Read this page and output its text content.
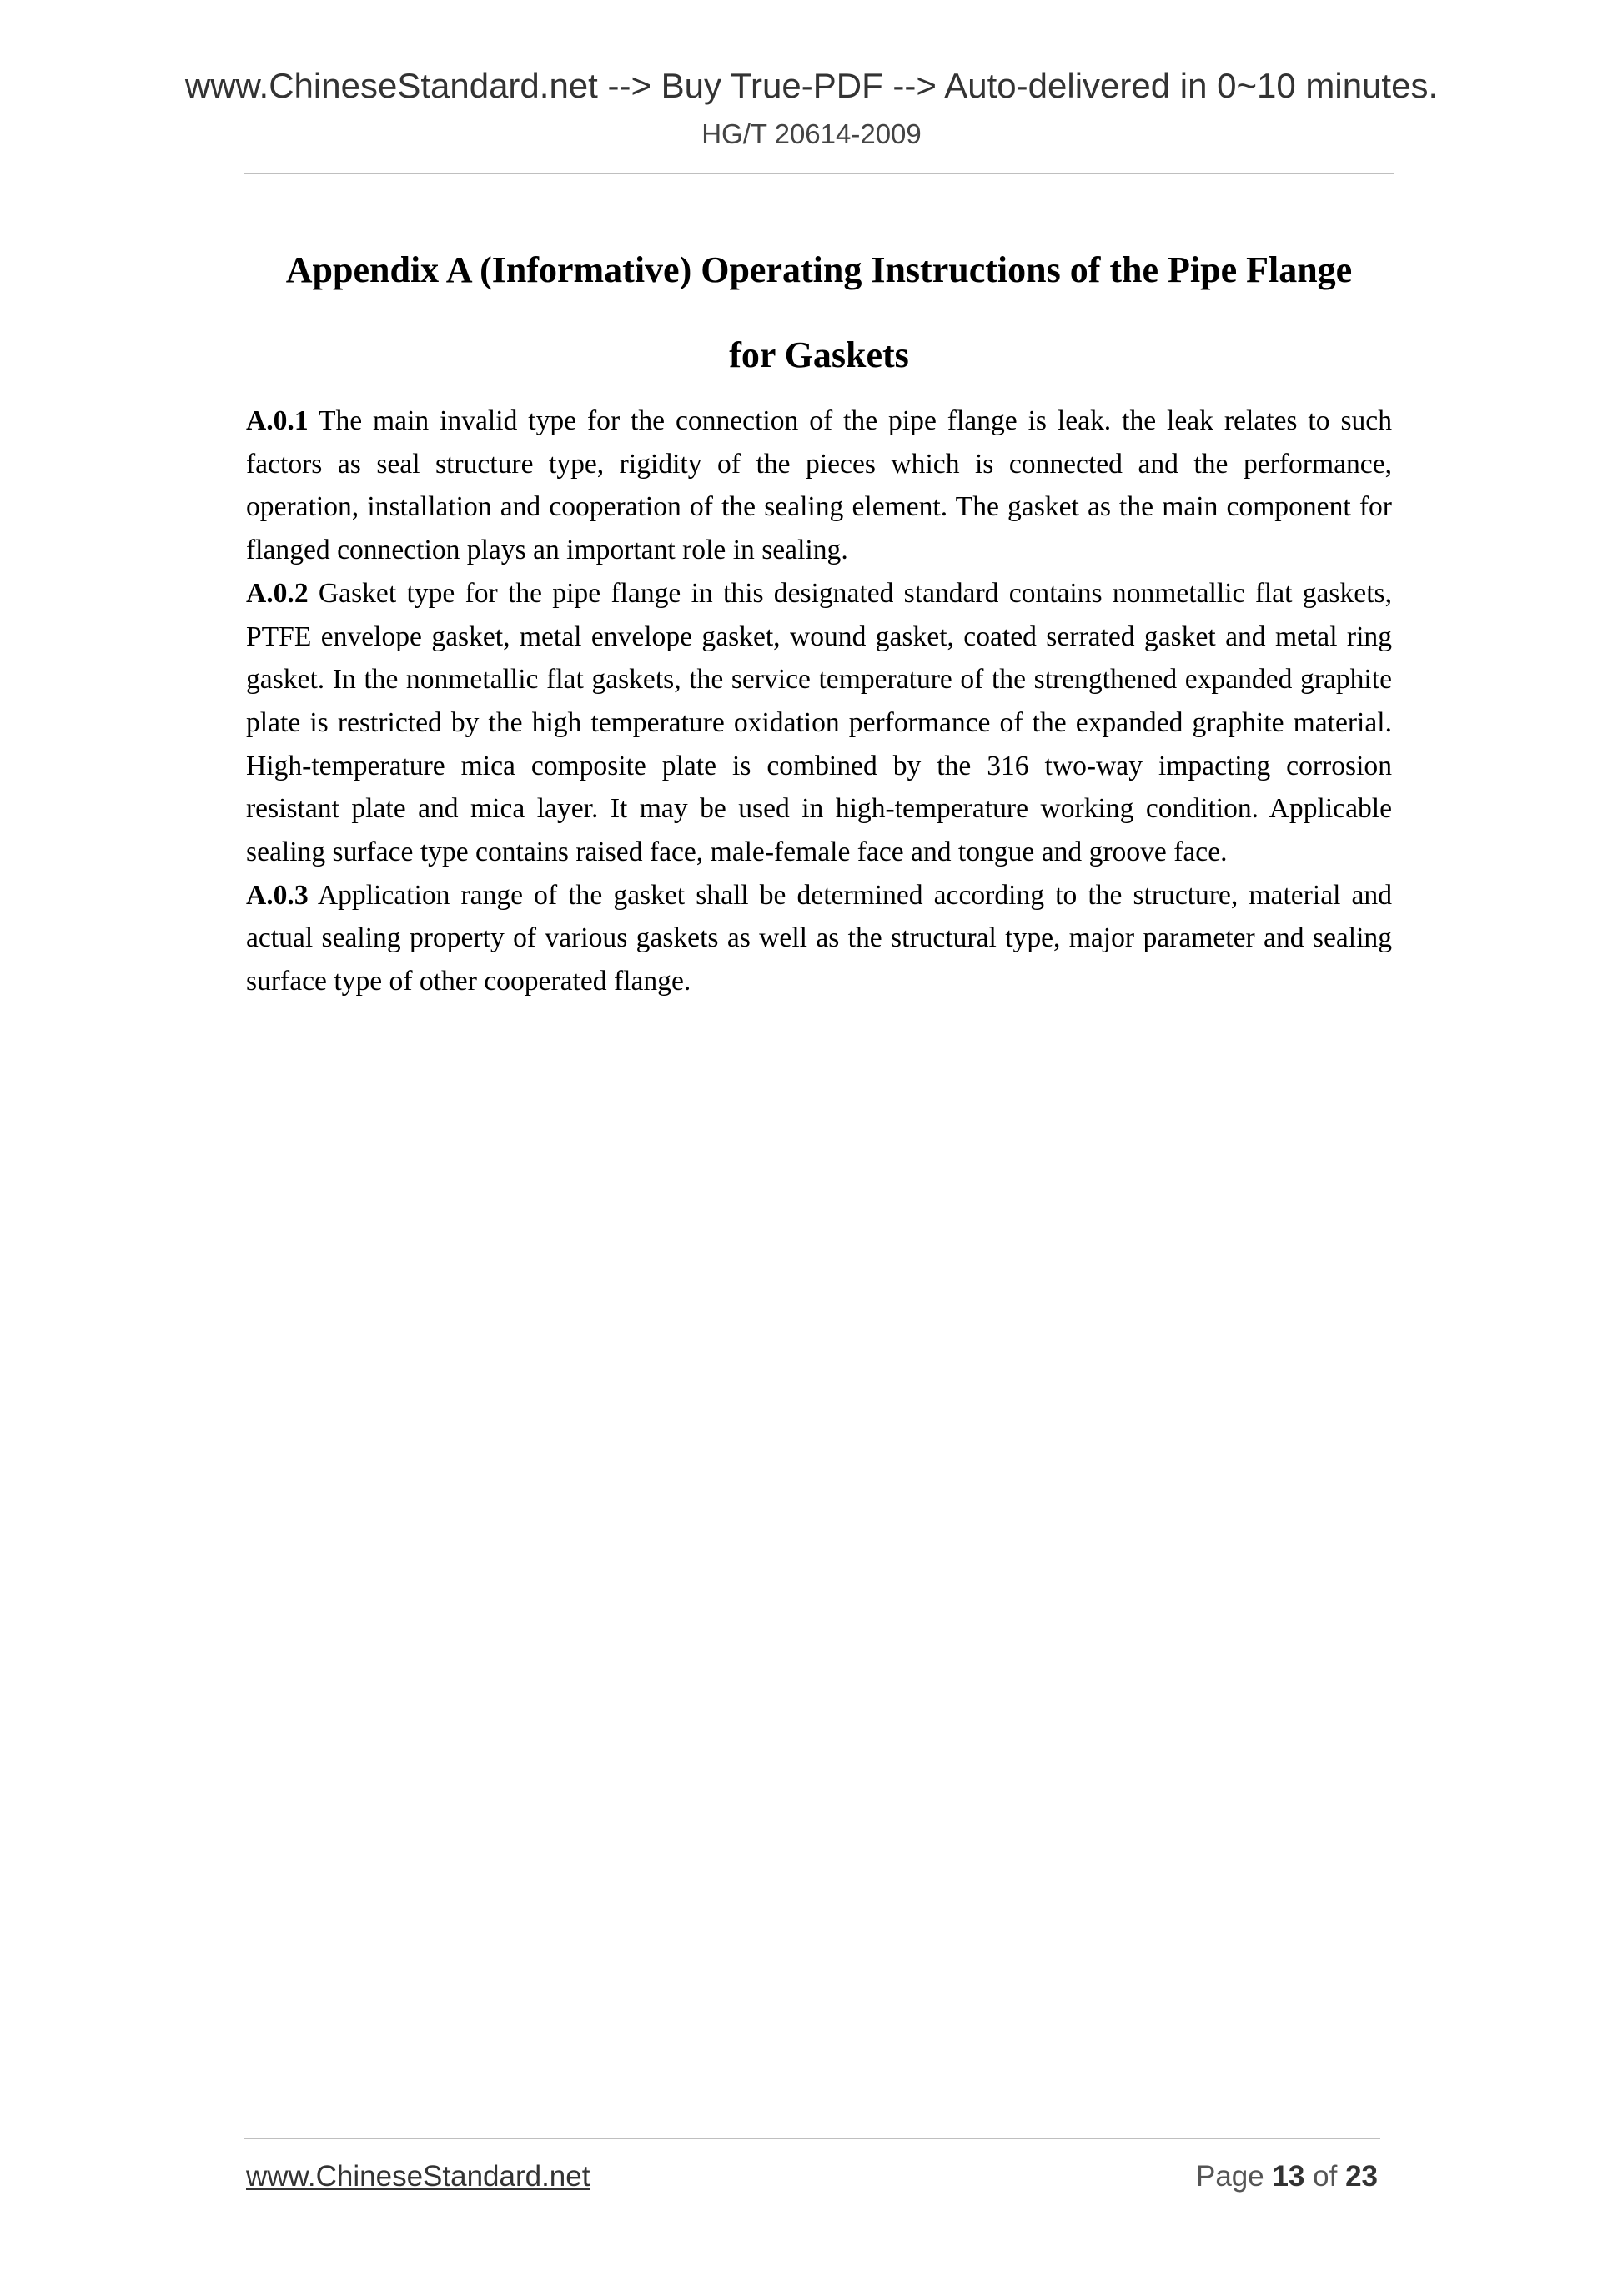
www.ChineseStandard.net --> Buy True-PDF --> Auto-delivered in 0~10 minutes.
HG/T 20614-2009
Appendix A (Informative) Operating Instructions of the Pipe Flange
for Gaskets

A.0.1 The main invalid type for the connection of the pipe flange is leak. the leak relates to such factors as seal structure type, rigidity of the pieces which is connected and the performance, operation, installation and cooperation of the sealing element. The gasket as the main component for flanged connection plays an important role in sealing.

A.0.2 Gasket type for the pipe flange in this designated standard contains nonmetallic flat gaskets, PTFE envelope gasket, metal envelope gasket, wound gasket, coated serrated gasket and metal ring gasket. In the nonmetallic flat gaskets, the service temperature of the strengthened expanded graphite plate is restricted by the high temperature oxidation performance of the expanded graphite material. High-temperature mica composite plate is combined by the 316 two-way impacting corrosion resistant plate and mica layer. It may be used in high-temperature working condition. Applicable sealing surface type contains raised face, male-female face and tongue and groove face.

A.0.3 Application range of the gasket shall be determined according to the structure, material and actual sealing property of various gaskets as well as the structural type, major parameter and sealing surface type of other cooperated flange.

www.ChineseStandard.net	Page 13 of 23
